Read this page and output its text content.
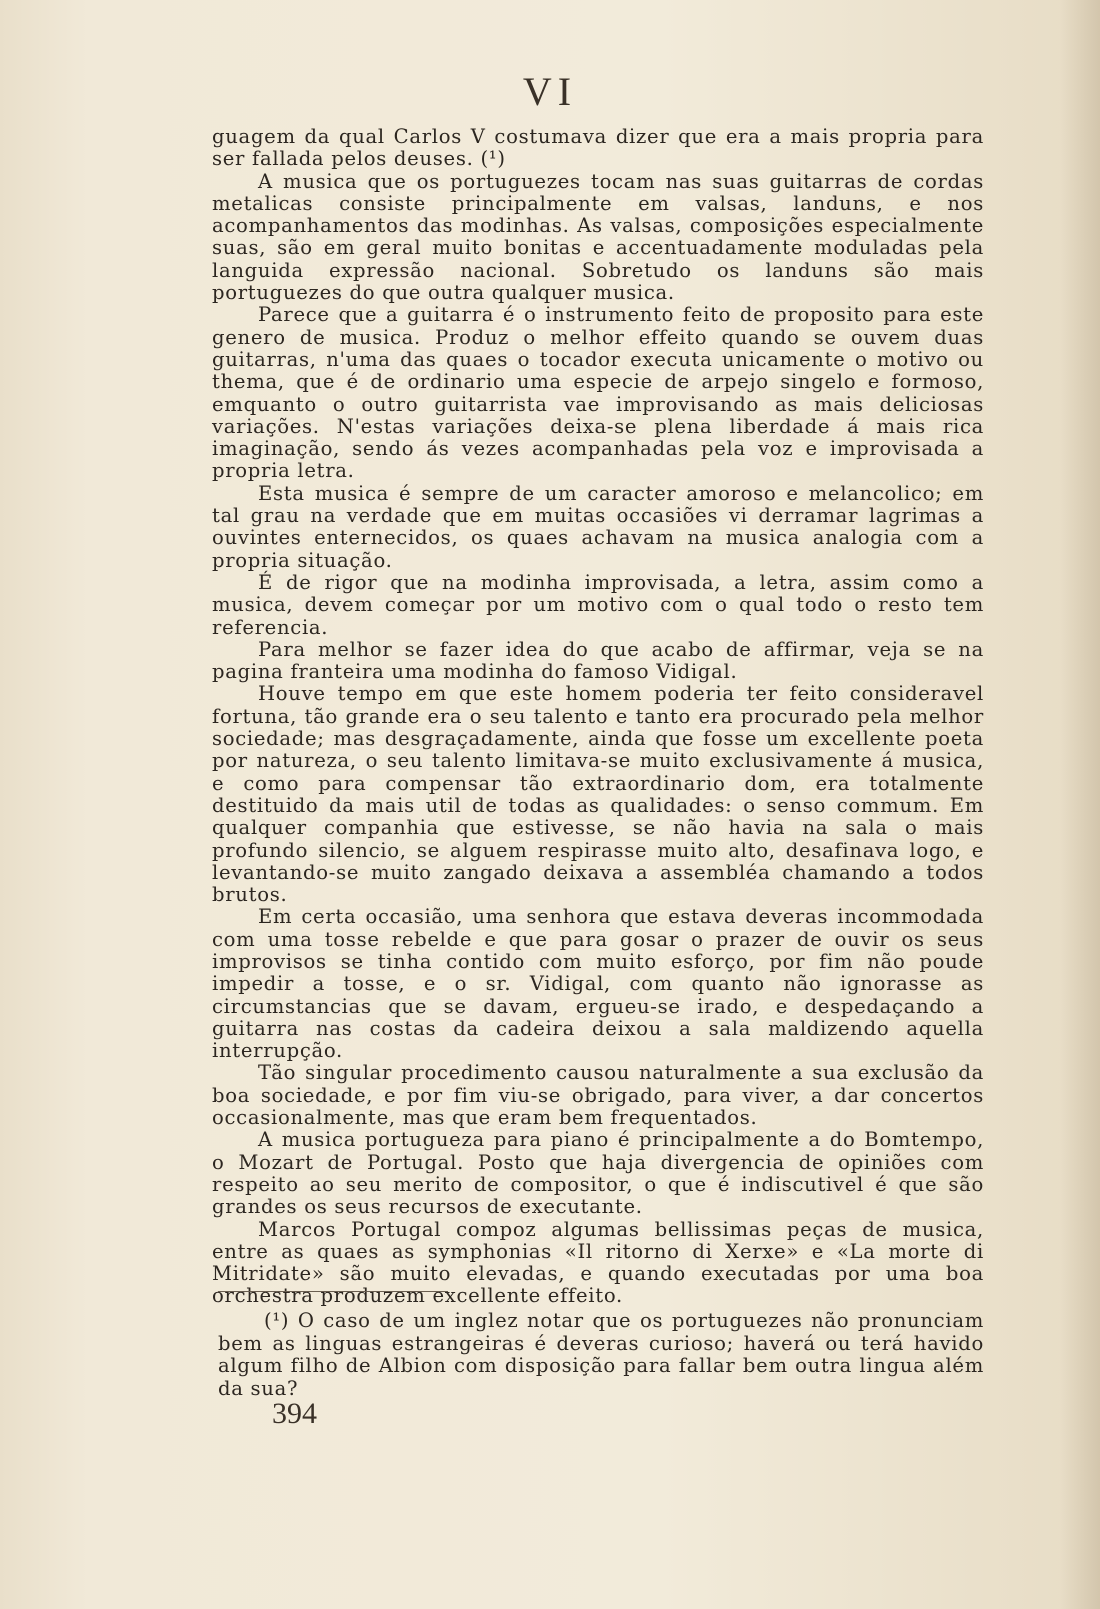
VI

guagem da qual Carlos V costumava dizer que era a mais propria para ser fallada pelos deuses. (¹)

A musica que os portuguezes tocam nas suas guitarras de cordas metalicas consiste principalmente em valsas, landuns, e nos acompanhamentos das modinhas. As valsas, composições especialmente suas, são em geral muito bonitas e accentuadamente moduladas pela languida expressão nacional. Sobretudo os landuns são mais portuguezes do que outra qualquer musica.

Parece que a guitarra é o instrumento feito de proposito para este genero de musica. Produz o melhor effeito quando se ouvem duas guitarras, n'uma das quaes o tocador executa unicamente o motivo ou thema, que é de ordinario uma especie de arpejo singelo e formoso, emquanto o outro guitarrista vae improvisando as mais deliciosas variações. N'estas variações deixa-se plena liberdade á mais rica imaginação, sendo ás vezes acompanhadas pela voz e improvisada a propria letra.

Esta musica é sempre de um caracter amoroso e melancolico; em tal grau na verdade que em muitas occasiões vi derramar lagrimas a ouvintes enternecidos, os quaes achavam na musica analogia com a propria situação.

É de rigor que na modinha improvisada, a letra, assim como a musica, devem começar por um motivo com o qual todo o resto tem referencia.

Para melhor se fazer idea do que acabo de affirmar, veja se na pagina franteira uma modinha do famoso Vidigal.

Houve tempo em que este homem poderia ter feito consideravel fortuna, tão grande era o seu talento e tanto era procurado pela melhor sociedade; mas desgraçadamente, ainda que fosse um excellente poeta por natureza, o seu talento limitava-se muito exclusivamente á musica, e como para compensar tão extraordinario dom, era totalmente destituido da mais util de todas as qualidades: o senso commum. Em qualquer companhia que estivesse, se não havia na sala o mais profundo silencio, se alguem respirasse muito alto, desafinava logo, e levantando-se muito zangado deixava a assembléa chamando a todos brutos.

Em certa occasião, uma senhora que estava deveras incommodada com uma tosse rebelde e que para gosar o prazer de ouvir os seus improvisos se tinha contido com muito esforço, por fim não poude impedir a tosse, e o sr. Vidigal, com quanto não ignorasse as circumstancias que se davam, ergueu-se irado, e despedaçando a guitarra nas costas da cadeira deixou a sala maldizendo aquella interrupção.

Tão singular procedimento causou naturalmente a sua exclusão da boa sociedade, e por fim viu-se obrigado, para viver, a dar concertos occasionalmente, mas que eram bem frequentados.

A musica portugueza para piano é principalmente a do Bomtempo, o Mozart de Portugal. Posto que haja divergencia de opiniões com respeito ao seu merito de compositor, o que é indiscutivel é que são grandes os seus recursos de executante.

Marcos Portugal compoz algumas bellissimas peças de musica, entre as quaes as symphonias «Il ritorno di Xerxe» e «La morte di Mitridate» são muito elevadas, e quando executadas por uma boa orchestra produzem excellente effeito.

(¹) O caso de um inglez notar que os portuguezes não pronunciam bem as linguas estrangeiras é deveras curioso; haverá ou terá havido algum filho de Albion com disposição para fallar bem outra lingua além da sua?

394
